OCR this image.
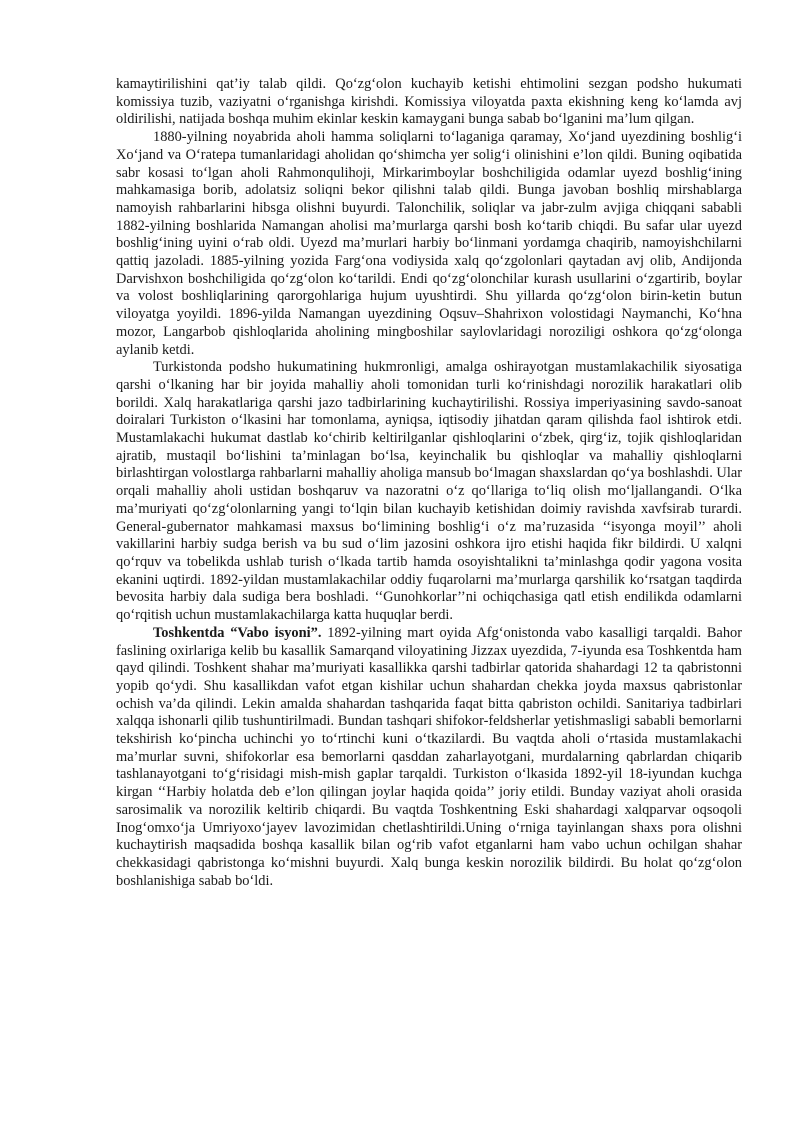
kamaytirilishini qat’iy talab qildi. Qo‘zg‘olon kuchayib ketishi ehtimolini sezgan podsho hukumati komissiya tuzib, vaziyatni o‘rganishga kirishdi. Komissiya viloyatda paxta ekishning keng ko‘lamda avj oldirilishi, natijada boshqa muhim ekinlar keskin kamaygani bunga sabab bo‘lganini ma’lum qilgan.

1880-yilning noyabrida aholi hamma soliqlarni to‘laganiga qaramay, Xo‘jand uyezdining boshlig‘i Xo‘jand va O‘ratepa tumanlaridagi aholidan qo‘shimcha yer solig‘i olinishini e’lon qildi. Buning oqibatida sabr kosasi to‘lgan aholi Rahmonqulihoji, Mirkarimboylar boshchiligida odamlar uyezd boshlig‘ining mahkamasiga borib, adolatsiz soliqni bekor qilishni talab qildi. Bunga javoban boshliq mirshablarga namoyish rahbarlarini hibsga olishni buyurdi. Talonchilik, soliqlar va jabr-zulm avjiga chiqqani sababli 1882-yilning boshlarida Namangan aholisi ma’murlarga qarshi bosh ko‘tarib chiqdi. Bu safar ular uyezd boshlig‘ining uyini o‘rab oldi. Uyezd ma’murlari harbiy bo‘linmani yordamga chaqirib, namoyishchilarni qattiq jazoladi. 1885-yilning yozida Farg‘ona vodiysida xalq qo‘zgolonlari qaytadan avj olib, Andijonda Darvishxon boshchiligida qo‘zg‘olon ko‘tarildi. Endi qo‘zg‘olonchilar kurash usullarini o‘zgartirib, boylar va volost boshliqlarining qarorgohlariga hujum uyushtirdi. Shu yillarda qo‘zg‘olon birin-ketin butun viloyatga yoyildi. 1896-yilda Namangan uyezdining Oqsuv–Shahrixon volostidagi Naymanchi, Ko‘hna mozor, Langarbob qishloqlarida aholining mingboshilar saylovlaridagi noroziligi oshkora qo‘zg‘olonga aylanib ketdi.

Turkistonda podsho hukumatining hukmronligi, amalga oshirayotgan mustamlakachilik siyosatiga qarshi o‘lkaning har bir joyida mahalliy aholi tomonidan turli ko‘rinishdagi norozilik harakatlari olib borildi. Xalq harakatlariga qarshi jazo tadbirlarining kuchaytirilishi. Rossiya imperiyasining savdo-sanoat doiralari Turkiston o‘lkasini har tomonlama, ayniqsa, iqtisodiy jihatdan qaram qilishda faol ishtirok etdi. Mustamlakachi hukumat dastlab ko‘chirib keltirilganlar qishloqlarini o‘zbek, qirg‘iz, tojik qishloqlaridan ajratib, mustaqil bo‘lishini ta’minlagan bo‘lsa, keyinchalik bu qishloqlar va mahalliy qishloqlarni birlashtirgan volostlarga rahbarlarni mahalliy aholiga mansub bo‘lmagan shaxslardan qo‘ya boshlashdi. Ular orqali mahalliy aholi ustidan boshqaruv va nazoratni o‘z qo‘llariga to‘liq olish mo‘ljallangandi. O‘lka ma’muriyati qo‘zg‘olonlarning yangi to‘lqin bilan kuchayib ketishidan doimiy ravishda xavfsirab turardi. General-gubernator mahkamasi maxsus bo‘limining boshlig‘i o‘z ma’ruzasida ‘‘isyonga moyil’’ aholi vakillarini harbiy sudga berish va bu sud o‘lim jazosini oshkora ijro etishi haqida fikr bildirdi. U xalqni qo‘rquv va tobelikda ushlab turish o‘lkada tartib hamda osoyishtalikni ta’minlashga qodir yagona vosita ekanini uqtirdi. 1892-yildan mustamlakachilar oddiy fuqarolarni ma’murlarga qarshilik ko‘rsatgan taqdirda bevosita harbiy dala sudiga bera boshladi. ‘‘Gunohkorlar’’ni ochiqchasiga qatl etish endilikda odamlarni qo‘rqitish uchun mustamlakachilarga katta huquqlar berdi.

Toshkentda “Vabo isyoni”. 1892-yilning mart oyida Afg‘onistonda vabo kasalligi tarqaldi. Bahor faslining oxirlariga kelib bu kasallik Samarqand viloyatining Jizzax uyezdida, 7-iyunda esa Toshkentda ham qayd qilindi. Toshkent shahar ma’muriyati kasallikka qarshi tadbirlar qatorida shahardagi 12 ta qabristonni yopib qo‘ydi. Shu kasallikdan vafot etgan kishilar uchun shahardan chekka joyda maxsus qabristonlar ochish va’da qilindi. Lekin amalda shahardan tashqarida faqat bitta qabriston ochildi. Sanitariya tadbirlari xalqqa ishonarli qilib tushuntirilmadi. Bundan tashqari shifokor-feldsherlar yetishmasligi sababli bemorlarni tekshirish ko‘pincha uchinchi yo to‘rtinchi kuni o‘tkazilardi. Bu vaqtda aholi o‘rtasida mustamlakachi ma’murlar suvni, shifokorlar esa bemorlarni qasddan zaharlayotgani, murdalarning qabrlardan chiqarib tashlanayotgani to‘g‘risidagi mish-mish gaplar tarqaldi. Turkiston o‘lkasida 1892-yil 18-iyundan kuchga kirgan ‘‘Harbiy holatda deb e’lon qilingan joylar haqida qoida’’ joriy etildi. Bunday vaziyat aholi orasida sarosimalik va norozilik keltirib chiqardi. Bu vaqtda Toshkentning Eski shahardagi xalqparvar oqsoqoli Inog‘omxo‘ja Umriyoxo‘jayev lavozimidan chetlashtirildi.Uning o‘rniga tayinlangan shaxs pora olishni kuchaytirish maqsadida boshqa kasallik bilan og‘rib vafot etganlarni ham vabo uchun ochilgan shahar chekkasidagi qabristonga ko‘mishni buyurdi. Xalq bunga keskin norozilik bildirdi. Bu holat qo‘zg‘olon boshlanishiga sabab bo‘ldi.
